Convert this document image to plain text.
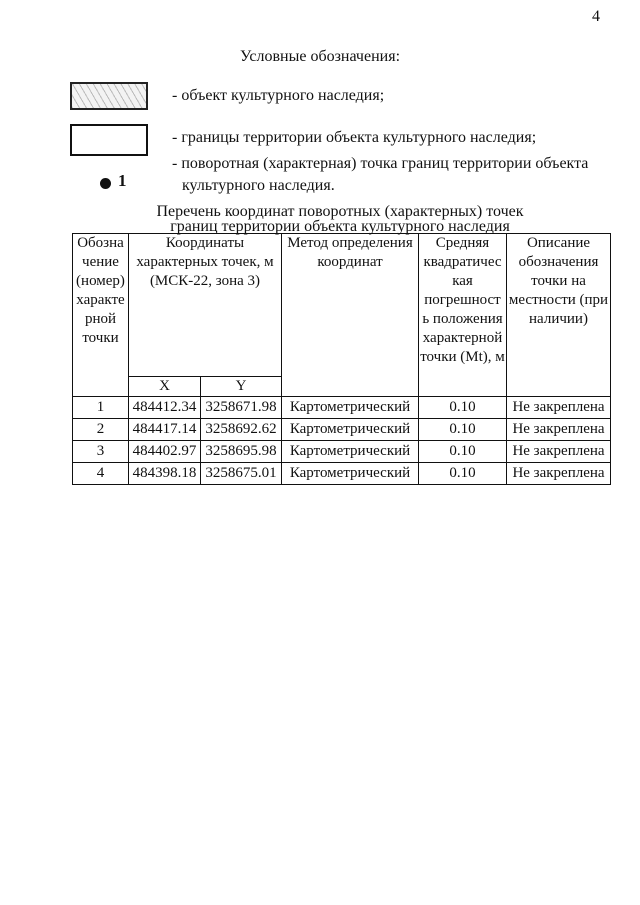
4
Условные обозначения:
- объект культурного наследия;
- границы территории объекта культурного наследия;
1
- поворотная (характерная) точка границ территории объекта
культурного наследия.
Перечень координат поворотных (характерных) точек
границ территории объекта культурного наследия
Обозна чение (номер) характе рной точки	Координаты характерных точек, м (МСК-22, зона 3)		Метод определения координат	Средняя квадратичес кая погрешност ь положения характерной точки (Mt), м	Описание обозначения точки на местности (при наличии)
	X	Y			
1	484412.34	3258671.98	Картометрический	0.10	Не закреплена
2	484417.14	3258692.62	Картометрический	0.10	Не закреплена
3	484402.97	3258695.98	Картометрический	0.10	Не закреплена
4	484398.18	3258675.01	Картометрический	0.10	Не закреплена
